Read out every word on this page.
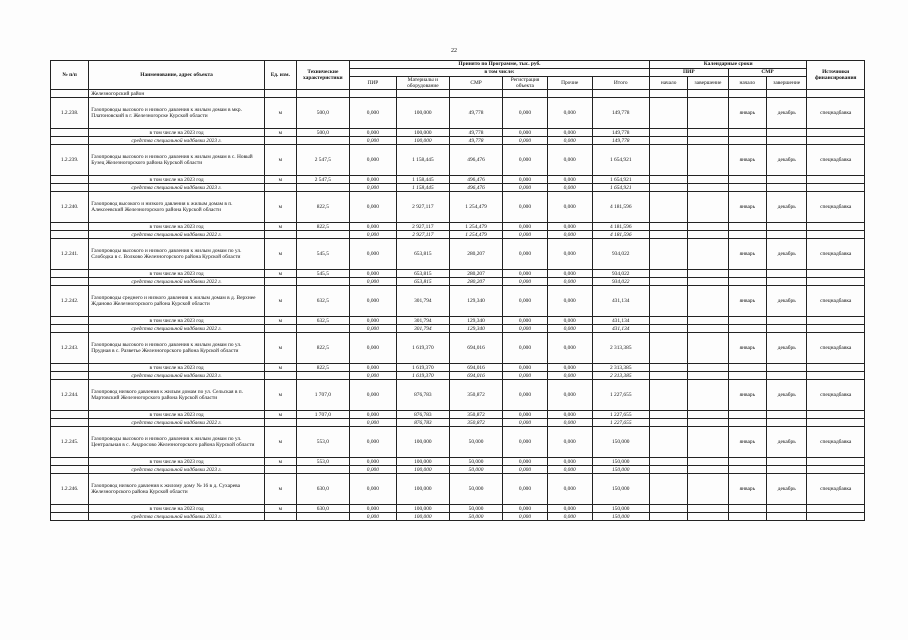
22
№ п/п	Наименование, адрес объекта	Ед. изм.	Технические характеристики	Принято по Программе, тыс. руб.						Календарные сроки				Источники финансирования
				в том числе:						ПИР		СМР		
				ПИР	Материалы и оборудование	СМР	Регистрация объекта	Прочие	Итого	начало	завершение	начало	завершение	
	Железногорский район													
1.2.238.	Газопроводы высокого и низкого давления к жилым домам в мкр. Платоновский в г. Железногорске Курской области	м	500,0	0,000	100,000	49,778	0,000	0,000	149,778			январь	декабрь	спецнадбавка
	в том числе на 2023 год	м	500,0	0,000	100,000	49,778	0,000	0,000	149,778					
	средства специальной надбавки 2023 г.			0,000	100,000	49,778	0,000	0,000	149,778					
1.2.239.	Газопроводы высокого и низкого давления к жилым домам в с. Новый Бузец Железногорского района Курской области	м	2 547,5	0,000	1 158,445	496,476	0,000	0,000	1 654,921			январь	декабрь	спецнадбавка
	в том числе на 2023 год	м	2 547,5	0,000	1 158,445	496,476	0,000	0,000	1 654,921					
	средства специальной надбавки 2023 г.			0,000	1 158,445	496,476	0,000	0,000	1 654,921					
1.2.240.	Газопровод высокого и низкого давления к жилым домам в п. Алексеевский Железногорского района Курской области	м	822,5	0,000	2 927,117	1 254,479	0,000	0,000	4 181,596			январь	декабрь	спецнадбавка
	в том числе на 2023 год	м	822,5	0,000	2 927,117	1 254,479	0,000	0,000	4 181,596					
	средства специальной надбавки 2022 г.			0,000	2 927,117	1 254,479	0,000	0,000	4 181,596					
1.2.241.	Газопроводы высокого и низкого давления к жилым домам по ул. Слободка в с. Волково Железногорского района Курской области	м	545,5	0,000	653,815	280,207	0,000	0,000	934,022			январь	декабрь	спецнадбавка
	в том числе на 2023 год	м	545,5	0,000	653,815	280,207	0,000	0,000	934,022					
	средства специальной надбавки 2022 г.			0,000	653,815	280,207	0,000	0,000	934,022					
1.2.242.	Газопроводы среднего и низкого давления к жилым домам в д. Верхнее Жданово Железногорского района Курской области	м	632,5	0,000	301,794	129,340	0,000	0,000	431,134			январь	декабрь	спецнадбавка
	в том числе на 2023 год	м	632,5	0,000	301,794	129,340	0,000	0,000	431,134					
	средства специальной надбавки 2022 г.			0,000	301,794	129,340	0,000	0,000	431,134					
1.2.243.	Газопроводы высокого и низкого давления к жилым домам по ул. Прудная в с. Разветье Железногорского района Курской области	м	822,5	0,000	1 619,370	694,016	0,000	0,000	2 313,385			январь	декабрь	спецнадбавка
	в том числе на 2023 год	м	822,5	0,000	1 619,370	694,016	0,000	0,000	2 313,385					
	средства специальной надбавки 2023 г.			0,000	1 619,370	694,016	0,000	0,000	2 313,385					
1.2.244.	Газопровод низкого давления к жилым домам по ул. Сельская в п. Мартовский Железногорского района Курской области	м	1 707,0	0,000	876,783	350,872	0,000	0,000	1 227,655			январь	декабрь	спецнадбавка
	в том числе на 2023 год	м	1 707,0	0,000	876,783	350,872	0,000	0,000	1 227,655					
	средства специальной надбавки 2022 г.			0,000	876,783	350,872	0,000	0,000	1 227,655					
1.2.245.	Газопроводы высокого и низкого давления к жилым домам по ул. Центральная в с. Андросово Железногорского района Курской области	м	553,0	0,000	100,000	50,000	0,000	0,000	150,000			январь	декабрь	спецнадбавка
	в том числе на 2023 год	м	553,0	0,000	100,000	50,000	0,000	0,000	150,000					
	средства специальной надбавки 2023 г.			0,000	100,000	50,000	0,000	0,000	150,000					
1.2.246.	Газопровод низкого давления к жилому дому № 16 в д. Сухарева Железногорского района Курской области	м	630,0	0,000	100,000	50,000	0,000	0,000	150,000			январь	декабрь	спецнадбавка
	в том числе на 2023 год	м	630,0	0,000	100,000	50,000	0,000	0,000	150,000					
	средства специальной надбавки 2023 г.			0,000	100,000	50,000	0,000	0,000	150,000					
